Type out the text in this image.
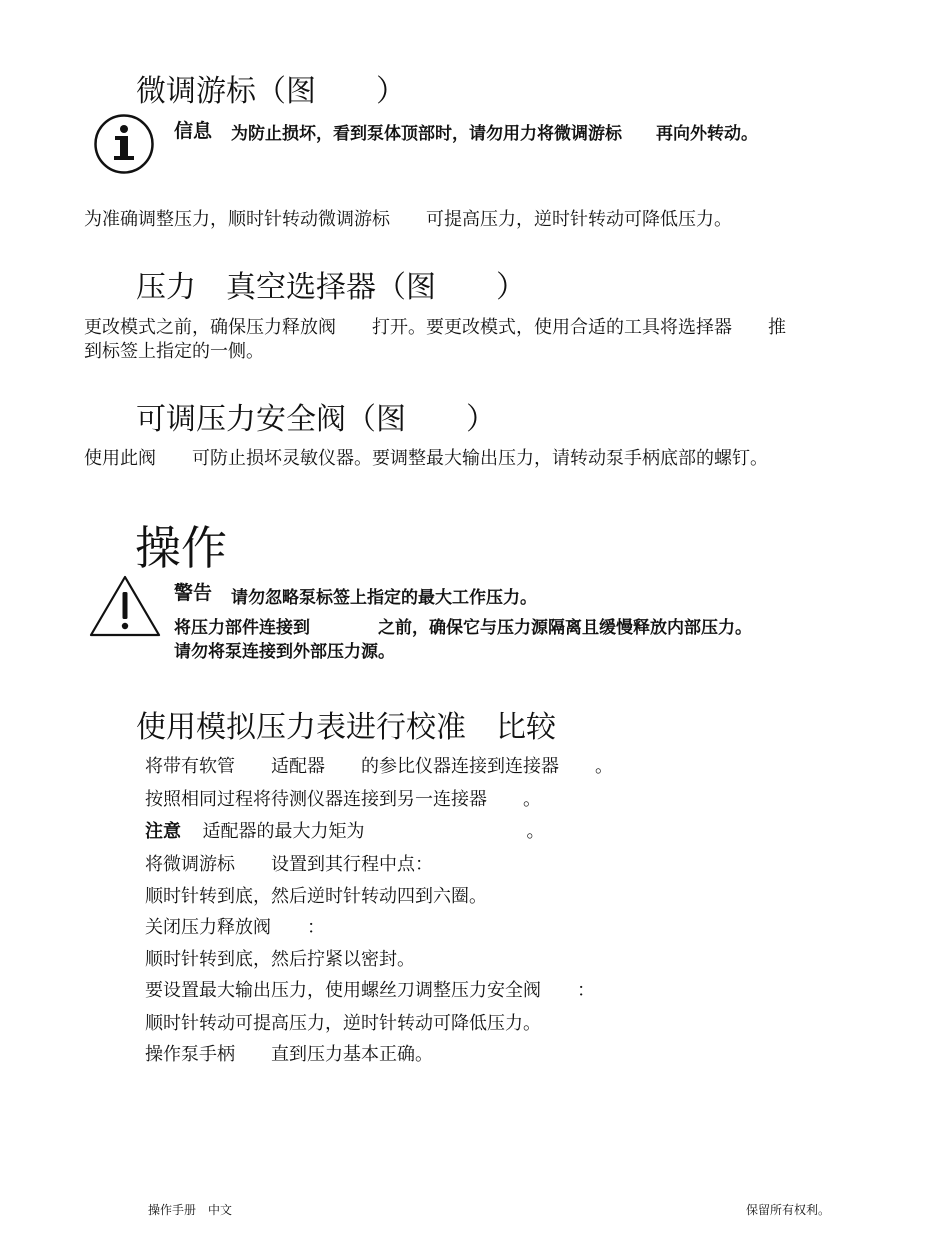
微调游标（图　　）
信息 为防止损坏，看到泵体顶部时，请勿用力将微调游标　　再向外转动。
为准确调整压力，顺时针转动微调游标　　可提高压力，逆时针转动可降低压力。
压力　真空选择器（图　　）
更改模式之前，确保压力释放阀　　打开。要更改模式，使用合适的工具将选择器　　推
到标签上指定的一侧。
可调压力安全阀（图　　）
使用此阀　　可防止损坏灵敏仪器。要调整最大输出压力，请转动泵手柄底部的螺钉。
操作
警告 请勿忽略泵标签上指定的最大工作压力。
将压力部件连接到　　　　之前，确保它与压力源隔离且缓慢释放内部压力。
请勿将泵连接到外部压力源。
使用模拟压力表进行校准　比较
将带有软管　　适配器　　的参比仪器连接到连接器　　。
按照相同过程将待测仪器连接到另一连接器　　。
注意 适配器的最大力矩为　　　　　　　　　。
将微调游标　　设置到其行程中点：
顺时针转到底，然后逆时针转动四到六圈。
关闭压力释放阀　　：
顺时针转到底，然后拧紧以密封。
要设置最大输出压力，使用螺丝刀调整压力安全阀　　：
顺时针转动可提高压力，逆时针转动可降低压力。
操作泵手柄　　直到压力基本正确。
操作手册　中文	保留所有权利。
